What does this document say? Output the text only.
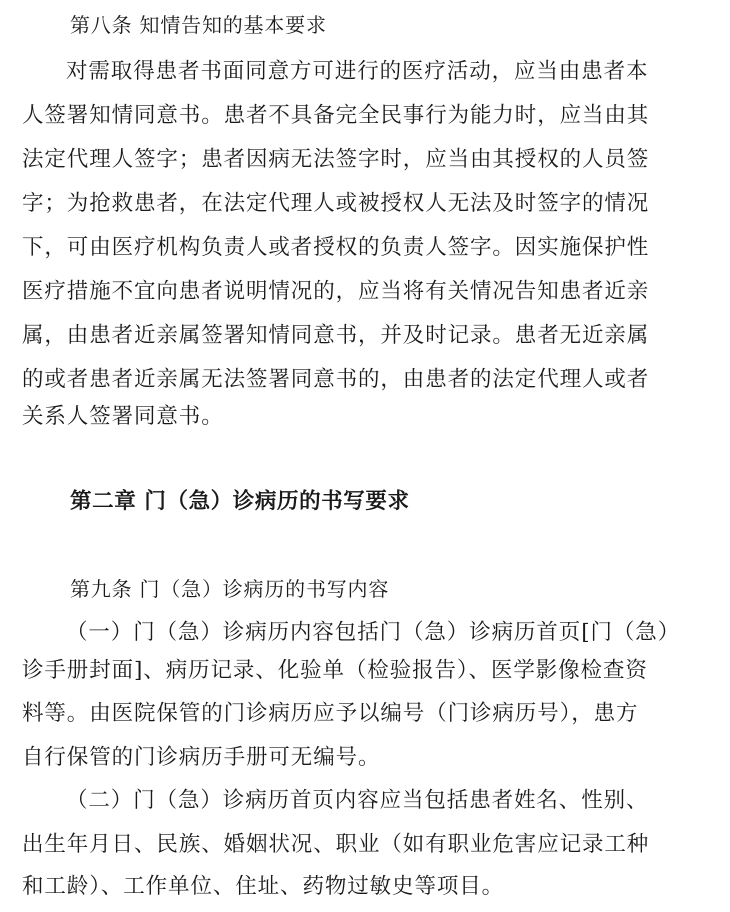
第八条 知情告知的基本要求
对需取得患者书面同意方可进行的医疗活动，应当由患者本
人签署知情同意书。患者不具备完全民事行为能力时，应当由其
法定代理人签字；患者因病无法签字时，应当由其授权的人员签
字；为抢救患者，在法定代理人或被授权人无法及时签字的情况
下，可由医疗机构负责人或者授权的负责人签字。因实施保护性
医疗措施不宜向患者说明情况的，应当将有关情况告知患者近亲
属，由患者近亲属签署知情同意书，并及时记录。患者无近亲属
的或者患者近亲属无法签署同意书的，由患者的法定代理人或者
关系人签署同意书。
第二章 门（急）诊病历的书写要求
第九条 门（急）诊病历的书写内容
（一）门（急）诊病历内容包括门（急）诊病历首页[门（急）
诊手册封面]、病历记录、化验单（检验报告）、医学影像检查资
料等。由医院保管的门诊病历应予以编号（门诊病历号），患方
自行保管的门诊病历手册可无编号。
（二）门（急）诊病历首页内容应当包括患者姓名、性别、
出生年月日、民族、婚姻状况、职业（如有职业危害应记录工种
和工龄）、工作单位、住址、药物过敏史等项目。
